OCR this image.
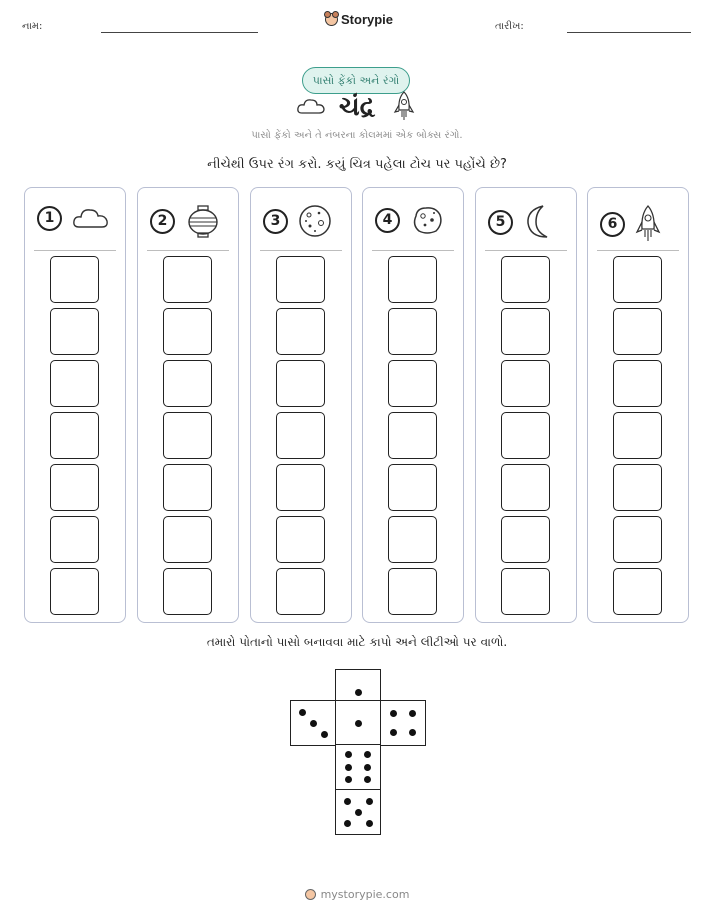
નામ:	Storypie	તારીખ:
પાસો ફેંકો અને રંગો
ચંદ્ર
પાસો ફેંકો અને તે નંબરના કોલમમાં એક બોક્સ રંગો.
નીચેથી ઉપર રંગ કરો. કયું ચિત્ર પહેલા ટોચ પર પહોંચે છે?
1	2	3	4	5	6
તમારો પોતાનો પાસો બનાવવા માટે કાપો અને લીટીઓ પર વાળો.
mystorypie.com
